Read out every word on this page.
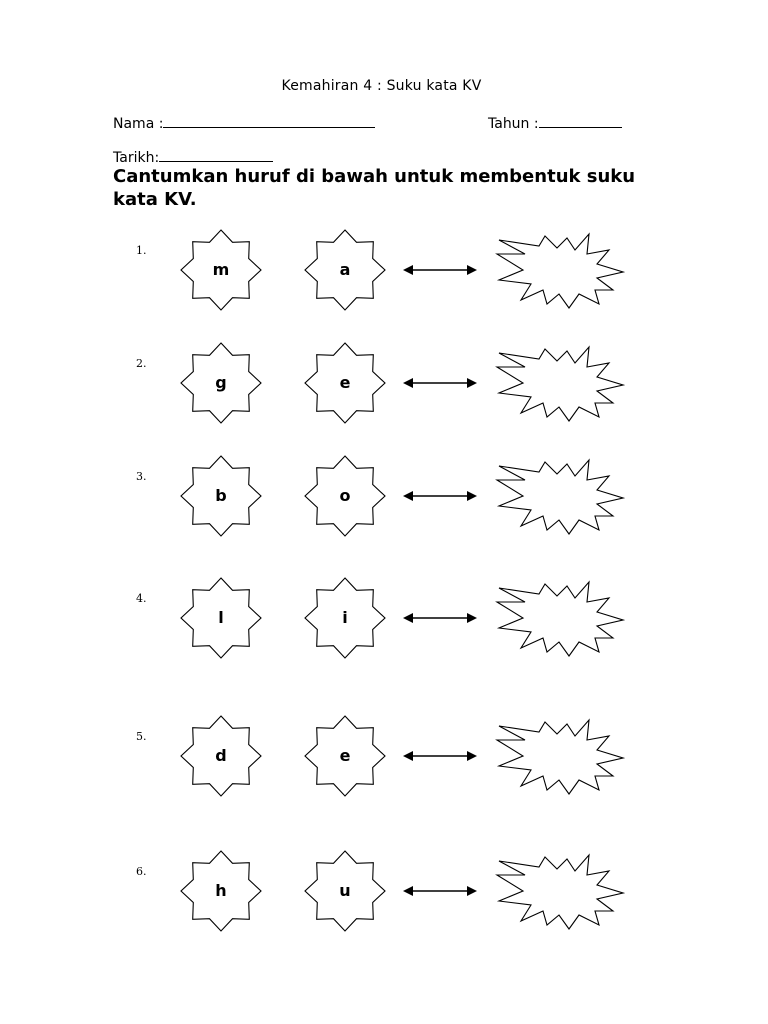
Kemahiran 4 : Suku kata KV
Nama :	Tahun :
Tarikh:
Cantumkan huruf di bawah untuk membentuk suku kata KV.
1.
m	a
2.
g	e
3.
b	o
4.
l	i
5.
d	e
6.
h	u
